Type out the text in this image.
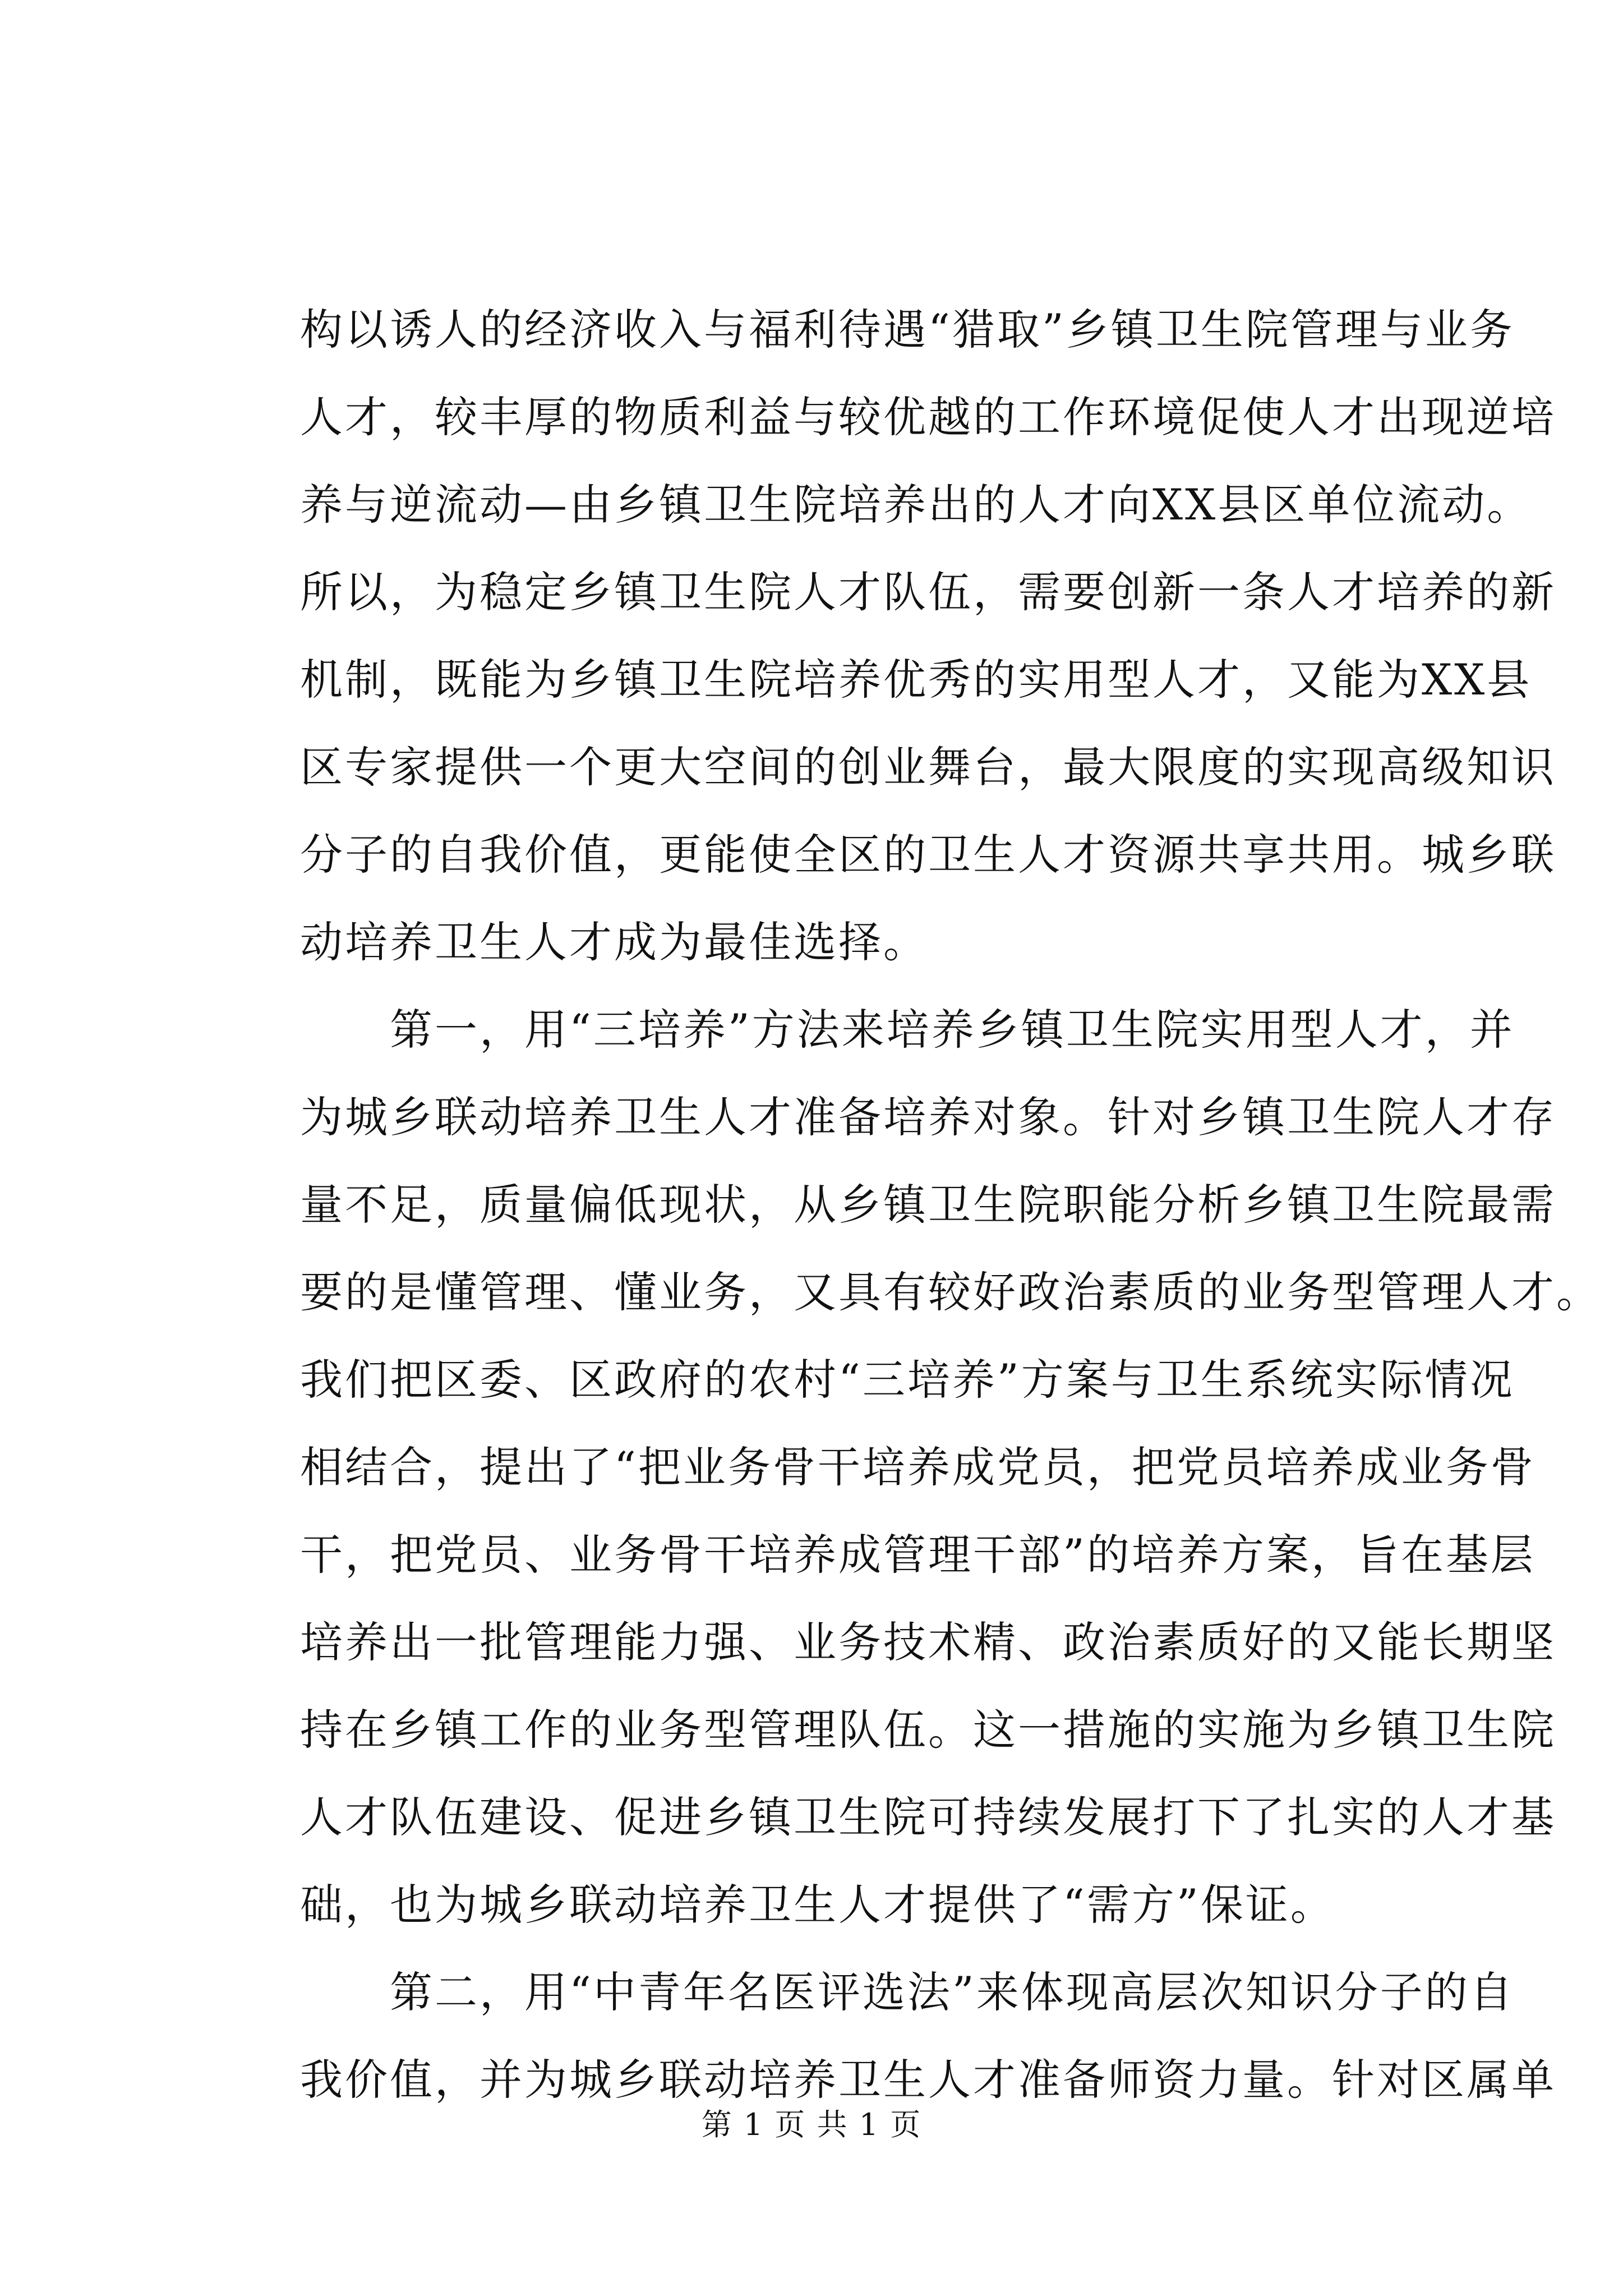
构以诱人的经济收入与福利待遇“猎取”乡镇卫生院管理与业务
人才，较丰厚的物质利益与较优越的工作环境促使人才出现逆培
养与逆流动—由乡镇卫生院培养出的人才向XX县区单位流动。
所以，为稳定乡镇卫生院人才队伍，需要创新一条人才培养的新
机制，既能为乡镇卫生院培养优秀的实用型人才，又能为XX县
区专家提供一个更大空间的创业舞台，最大限度的实现高级知识
分子的自我价值，更能使全区的卫生人才资源共享共用。城乡联
动培养卫生人才成为最佳选择。
　　第一，用“三培养”方法来培养乡镇卫生院实用型人才，并
为城乡联动培养卫生人才准备培养对象。针对乡镇卫生院人才存
量不足，质量偏低现状，从乡镇卫生院职能分析乡镇卫生院最需
要的是懂管理、懂业务，又具有较好政治素质的业务型管理人才。
我们把区委、区政府的农村“三培养”方案与卫生系统实际情况
相结合，提出了“把业务骨干培养成党员，把党员培养成业务骨
干，把党员、业务骨干培养成管理干部”的培养方案，旨在基层
培养出一批管理能力强、业务技术精、政治素质好的又能长期坚
持在乡镇工作的业务型管理队伍。这一措施的实施为乡镇卫生院
人才队伍建设、促进乡镇卫生院可持续发展打下了扎实的人才基
础，也为城乡联动培养卫生人才提供了“需方”保证。
　　第二，用“中青年名医评选法”来体现高层次知识分子的自
我价值，并为城乡联动培养卫生人才准备师资力量。针对区属单
第 1 页 共 1 页
